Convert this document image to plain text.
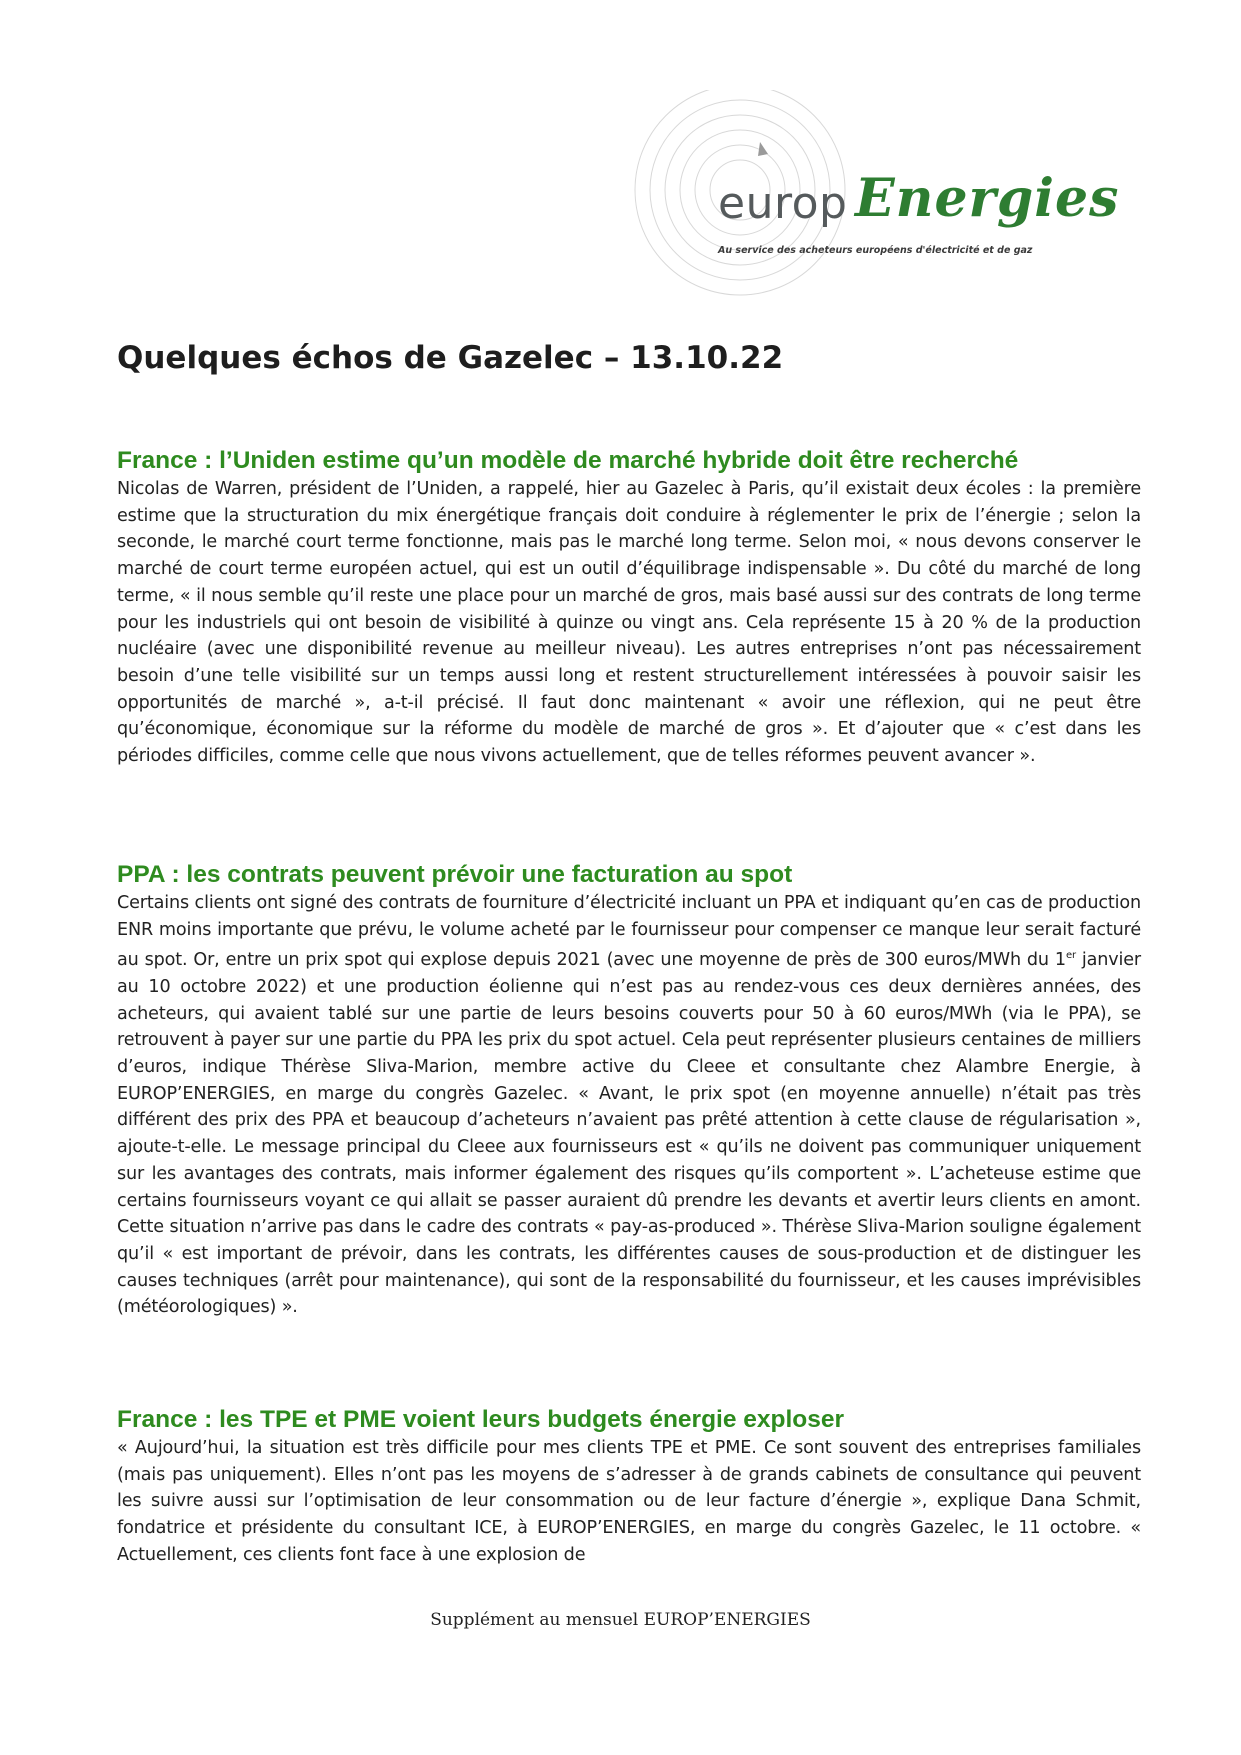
europ Energies
Au service des acheteurs européens d'électricité et de gaz
Quelques échos de Gazelec – 13.10.22
France : l’Uniden estime qu’un modèle de marché hybride doit être recherché

Nicolas de Warren, président de l’Uniden, a rappelé, hier au Gazelec à Paris, qu’il existait deux écoles : la première estime que la structuration du mix énergétique français doit conduire à réglementer le prix de l’énergie ; selon la seconde, le marché court terme fonctionne, mais pas le marché long terme. Selon moi, « nous devons conserver le marché de court terme européen actuel, qui est un outil d’équilibrage indispensable ». Du côté du marché de long terme, « il nous semble qu’il reste une place pour un marché de gros, mais basé aussi sur des contrats de long terme pour les industriels qui ont besoin de visibilité à quinze ou vingt ans. Cela représente 15 à 20 % de la production nucléaire (avec une disponibilité revenue au meilleur niveau). Les autres entreprises n’ont pas nécessairement besoin d’une telle visibilité sur un temps aussi long et restent structurellement intéressées à pouvoir saisir les opportunités de marché », a-t-il précisé. Il faut donc maintenant « avoir une réflexion, qui ne peut être qu’économique, économique sur la réforme du modèle de marché de gros ». Et d’ajouter que « c’est dans les périodes difficiles, comme celle que nous vivons actuellement, que de telles réformes peuvent avancer ».

PPA : les contrats peuvent prévoir une facturation au spot

Certains clients ont signé des contrats de fourniture d’électricité incluant un PPA et indiquant qu’en cas de production ENR moins importante que prévu, le volume acheté par le fournisseur pour compenser ce manque leur serait facturé au spot. Or, entre un prix spot qui explose depuis 2021 (avec une moyenne de près de 300 euros/MWh du 1er janvier au 10 octobre 2022) et une production éolienne qui n’est pas au rendez-vous ces deux dernières années, des acheteurs, qui avaient tablé sur une partie de leurs besoins couverts pour 50 à 60 euros/MWh (via le PPA), se retrouvent à payer sur une partie du PPA les prix du spot actuel. Cela peut représenter plusieurs centaines de milliers d’euros, indique Thérèse Sliva-Marion, membre active du Cleee et consultante chez Alambre Energie, à EUROP’ENERGIES, en marge du congrès Gazelec. « Avant, le prix spot (en moyenne annuelle) n’était pas très différent des prix des PPA et beaucoup d’acheteurs n’avaient pas prêté attention à cette clause de régularisation », ajoute-t-elle. Le message principal du Cleee aux fournisseurs est « qu’ils ne doivent pas communiquer uniquement sur les avantages des contrats, mais informer également des risques qu’ils comportent ». L’acheteuse estime que certains fournisseurs voyant ce qui allait se passer auraient dû prendre les devants et avertir leurs clients en amont. Cette situation n’arrive pas dans le cadre des contrats « pay-as-produced ». Thérèse Sliva-Marion souligne également qu’il « est important de prévoir, dans les contrats, les différentes causes de sous-production et de distinguer les causes techniques (arrêt pour maintenance), qui sont de la responsabilité du fournisseur, et les causes imprévisibles (météorologiques) ».

France : les TPE et PME voient leurs budgets énergie exploser

« Aujourd’hui, la situation est très difficile pour mes clients TPE et PME. Ce sont souvent des entreprises familiales (mais pas uniquement). Elles n’ont pas les moyens de s’adresser à de grands cabinets de consultance qui peuvent les suivre aussi sur l’optimisation de leur consommation ou de leur facture d’énergie », explique Dana Schmit, fondatrice et présidente du consultant ICE, à EUROP’ENERGIES, en marge du congrès Gazelec, le 11 octobre. « Actuellement, ces clients font face à une explosion de

Supplément au mensuel EUROP’ENERGIES
